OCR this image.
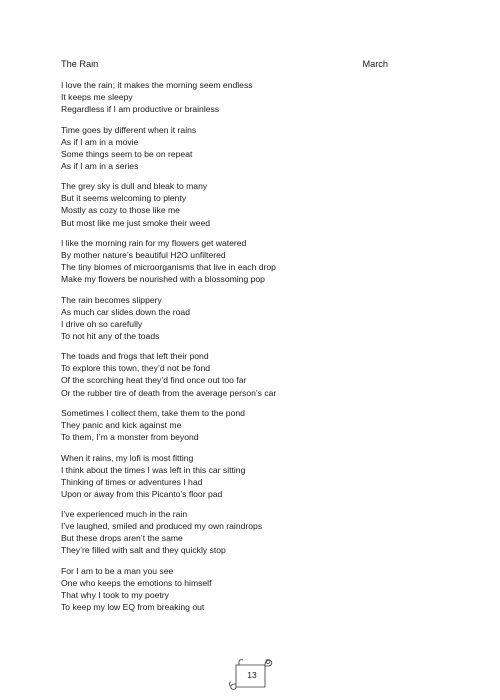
The Rain	March
I love the rain; it makes the morning seem endless
It keeps me sleepy
Regardless if I am productive or brainless
Time goes by different when it rains
As if I am in a movie
Some things seem to be on repeat
As if I am in a series
The grey sky is dull and bleak to many
But it seems welcoming to plenty
Mostly as cozy to those like me
But most like me just smoke their weed
I like the morning rain for my flowers get watered
By mother nature’s beautiful H2O unfiltered
The tiny biomes of microorganisms that live in each drop
Make my flowers be nourished with a blossoming pop
The rain becomes slippery
As much car slides down the road
I drive oh so carefully
To not hit any of the toads
The toads and frogs that left their pond
To explore this town, they’d not be fond
Of the scorching heat they’d find once out too far
Or the rubber tire of death from the average person’s car
Sometimes I collect them, take them to the pond
They panic and kick against me
To them, I’m a monster from beyond
When it rains, my lofi is most fitting
I think about the times I was left in this car sitting
Thinking of times or adventures I had
Upon or away from this Picanto’s floor pad
I’ve experienced much in the rain
I’ve laughed, smiled and produced my own raindrops
But these drops aren’t the same
They’re filled with salt and they quickly stop
For I am to be a man you see
One who keeps the emotions to himself
That why I took to my poetry
To keep my low EQ from breaking out
13
